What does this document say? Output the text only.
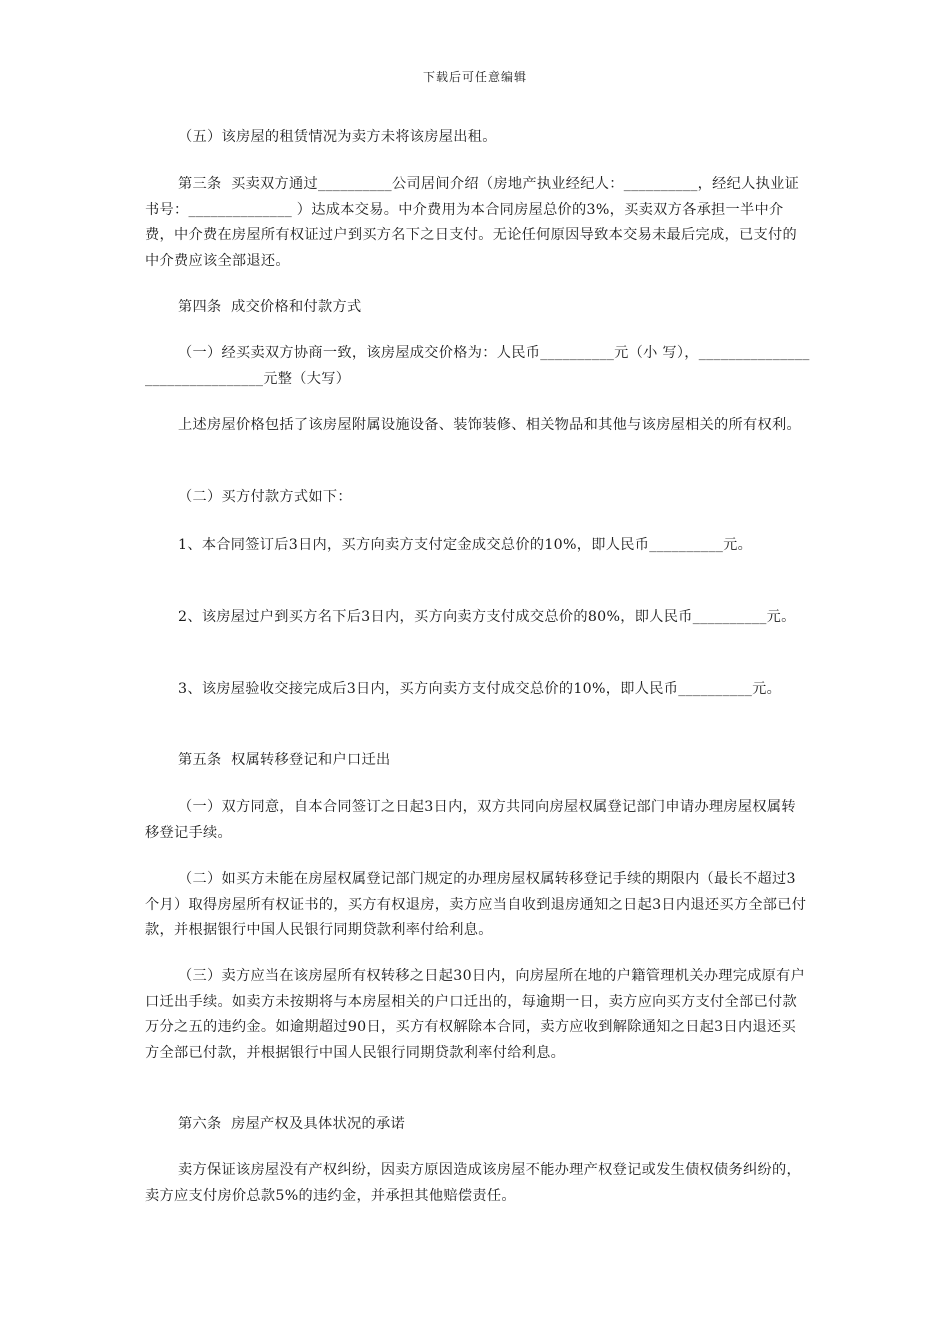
下载后可任意编辑
（五）该房屋的租赁情况为卖方未将该房屋出租。
第三条  买卖双方通过__________公司居间介绍（房地产执业经纪人：__________，经纪人执业证书号：______________ ）达成本交易。中介费用为本合同房屋总价的3%，买卖双方各承担一半中介费，中介费在房屋所有权证过户到买方名下之日支付。无论任何原因导致本交易未最后完成，已支付的中介费应该全部退还。
第四条  成交价格和付款方式
（一）经买卖双方协商一致，该房屋成交价格为：人民币__________元（小 写），_______________________________元整（大写）
上述房屋价格包括了该房屋附属设施设备、装饰装修、相关物品和其他与该房屋相关的所有权利。
（二）买方付款方式如下：
1、本合同签订后3日内，买方向卖方支付定金成交总价的10%，即人民币__________元。
2、该房屋过户到买方名下后3日内，买方向卖方支付成交总价的80%，即人民币__________元。
3、该房屋验收交接完成后3日内，买方向卖方支付成交总价的10%，即人民币__________元。
第五条  权属转移登记和户口迁出
（一）双方同意，自本合同签订之日起3日内，双方共同向房屋权属登记部门申请办理房屋权属转移登记手续。
（二）如买方未能在房屋权属登记部门规定的办理房屋权属转移登记手续的期限内（最长不超过3个月）取得房屋所有权证书的，买方有权退房，卖方应当自收到退房通知之日起3日内退还买方全部已付款，并根据银行中国人民银行同期贷款利率付给利息。
（三）卖方应当在该房屋所有权转移之日起30日内，向房屋所在地的户籍管理机关办理完成原有户口迁出手续。如卖方未按期将与本房屋相关的户口迁出的，每逾期一日，卖方应向买方支付全部已付款万分之五的违约金。如逾期超过90日，买方有权解除本合同，卖方应收到解除通知之日起3日内退还买方全部已付款，并根据银行中国人民银行同期贷款利率付给利息。
第六条  房屋产权及具体状况的承诺
卖方保证该房屋没有产权纠纷，因卖方原因造成该房屋不能办理产权登记或发生债权债务纠纷的，卖方应支付房价总款5%的违约金，并承担其他赔偿责任。
